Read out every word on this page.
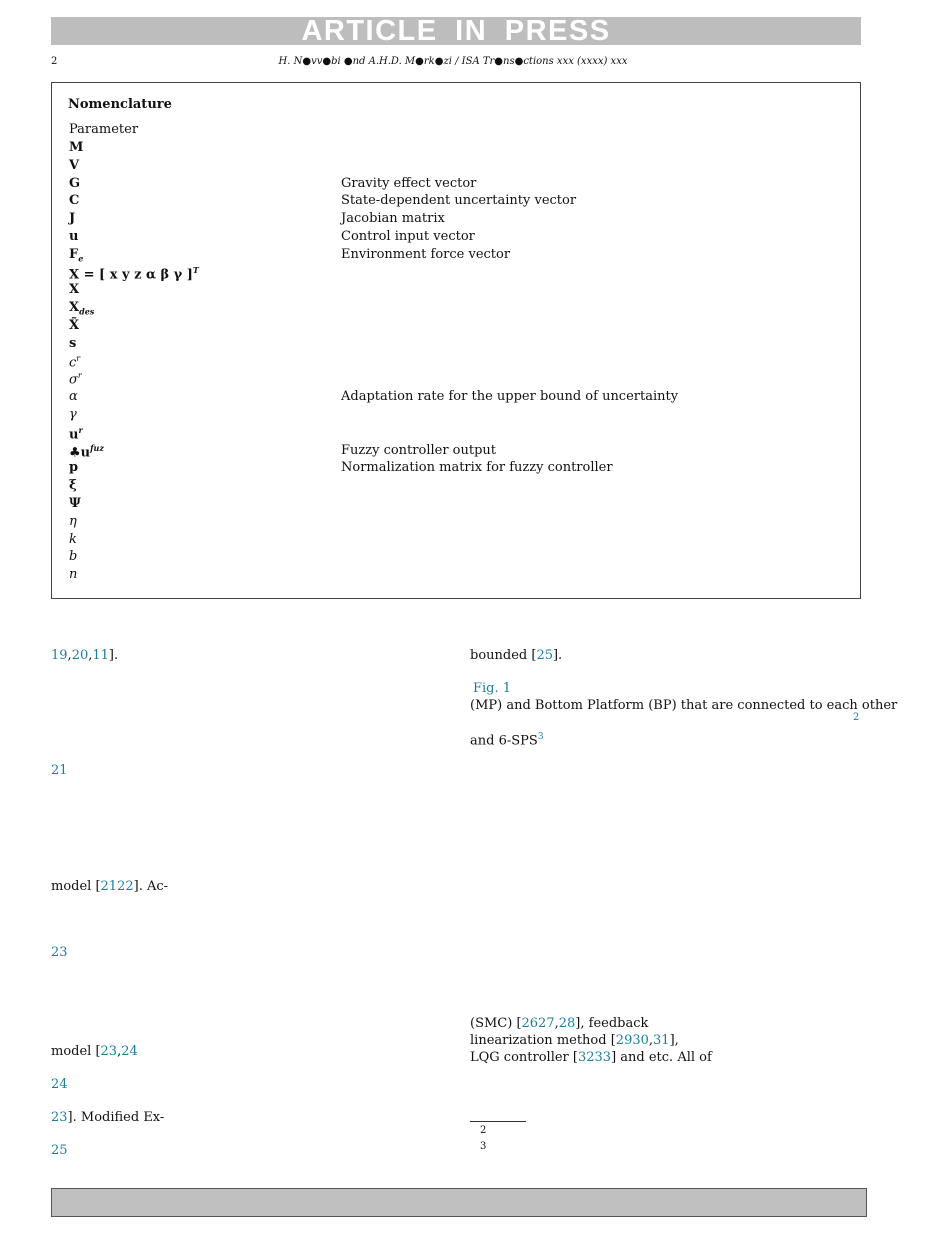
ARTICLE IN PRESS
2	H. N●vv●bi ●nd A.H.D. M●rk●zi / ISA Tr●ns●ctions xxx (xxxx) xxx
Nomenclature
Parameter
M
V
G	Gravity effect vector
C	State-dependent uncertainty vector
J	Jacobian matrix
u	Control input vector
$F_e$	Environment force vector
X = [ x y z α β γ ]$^T$
X
$X_{des}$
X̃
s
$c^r$
$\sigma^r$
α	Adaptation rate for the upper bound of uncertainty
γ
$u^r$
$♣u^{fuz}$	Fuzzy controller output
p	Normalization matrix for fuzzy controller
ξ
Ψ
η
k
b
n
19,20,11].
21
model [2122]. Ac-
23
model [23,24
24
23]. Modified Ex-
25
bounded [25].
Fig. 1
(MP) and Bottom Platform (BP) that are connected to each other
2
and 6-SPS$^3$
(SMC) [2627,28], feedback
linearization method [2930,31],
LQG controller [3233] and etc. All of
2
3
